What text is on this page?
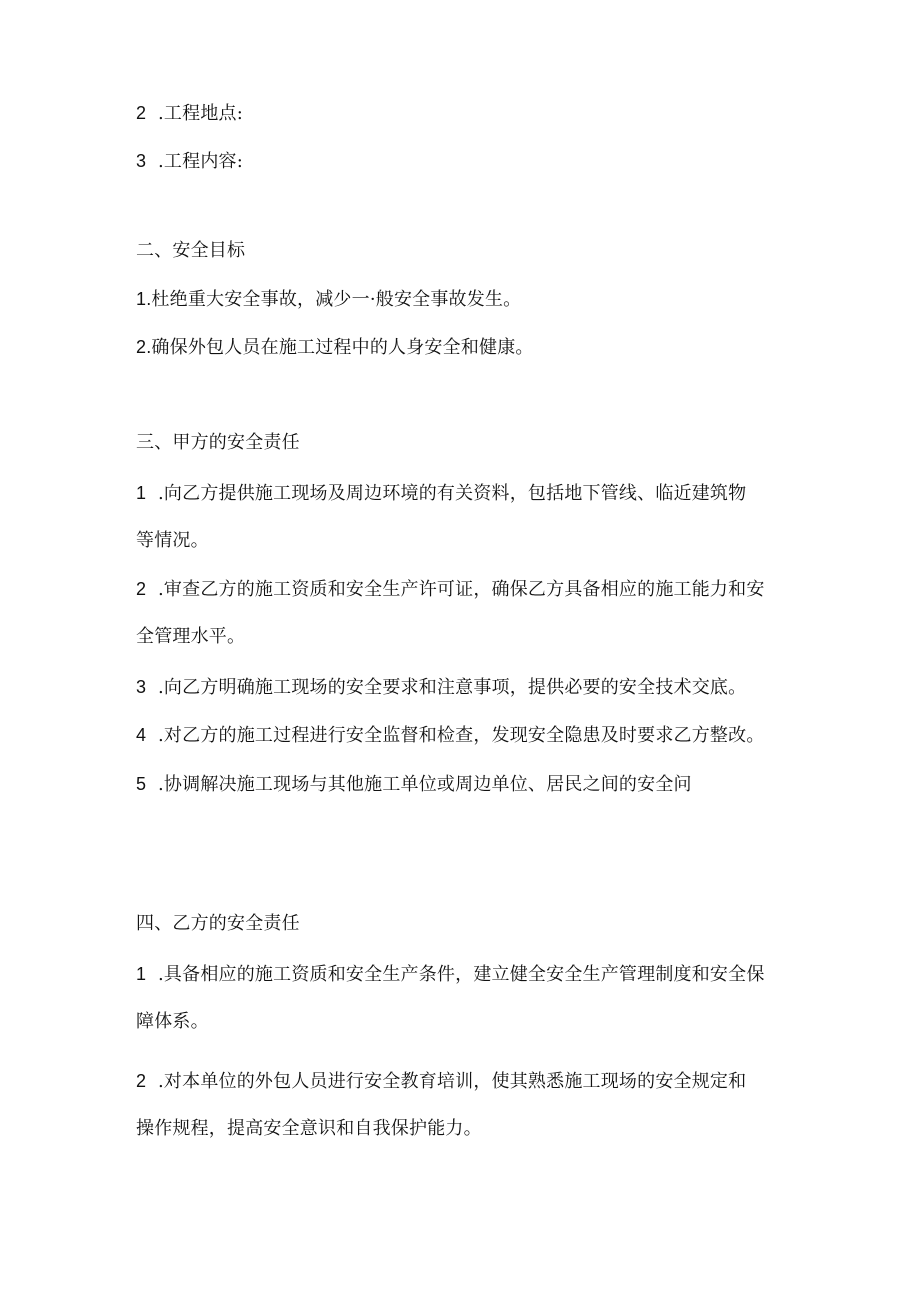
2 .工程地点:
3 .工程内容:
二、安全目标
1.杜绝重大安全事故，减少一·般安全事故发生。
2.确保外包人员在施工过程中的人身安全和健康。
三、甲方的安全责任
1 .向乙方提供施工现场及周边环境的有关资料，包括地下管线、临近建筑物
等情况。
2 .审查乙方的施工资质和安全生产许可证，确保乙方具备相应的施工能力和安
全管理水平。
3 .向乙方明确施工现场的安全要求和注意事项，提供必要的安全技术交底。
4 .对乙方的施工过程进行安全监督和检查，发现安全隐患及时要求乙方整改。
5 .协调解决施工现场与其他施工单位或周边单位、居民之间的安全问
四、乙方的安全责任
1 .具备相应的施工资质和安全生产条件，建立健全安全生产管理制度和安全保
障体系。
2 .对本单位的外包人员进行安全教育培训，使其熟悉施工现场的安全规定和
操作规程，提高安全意识和自我保护能力。
